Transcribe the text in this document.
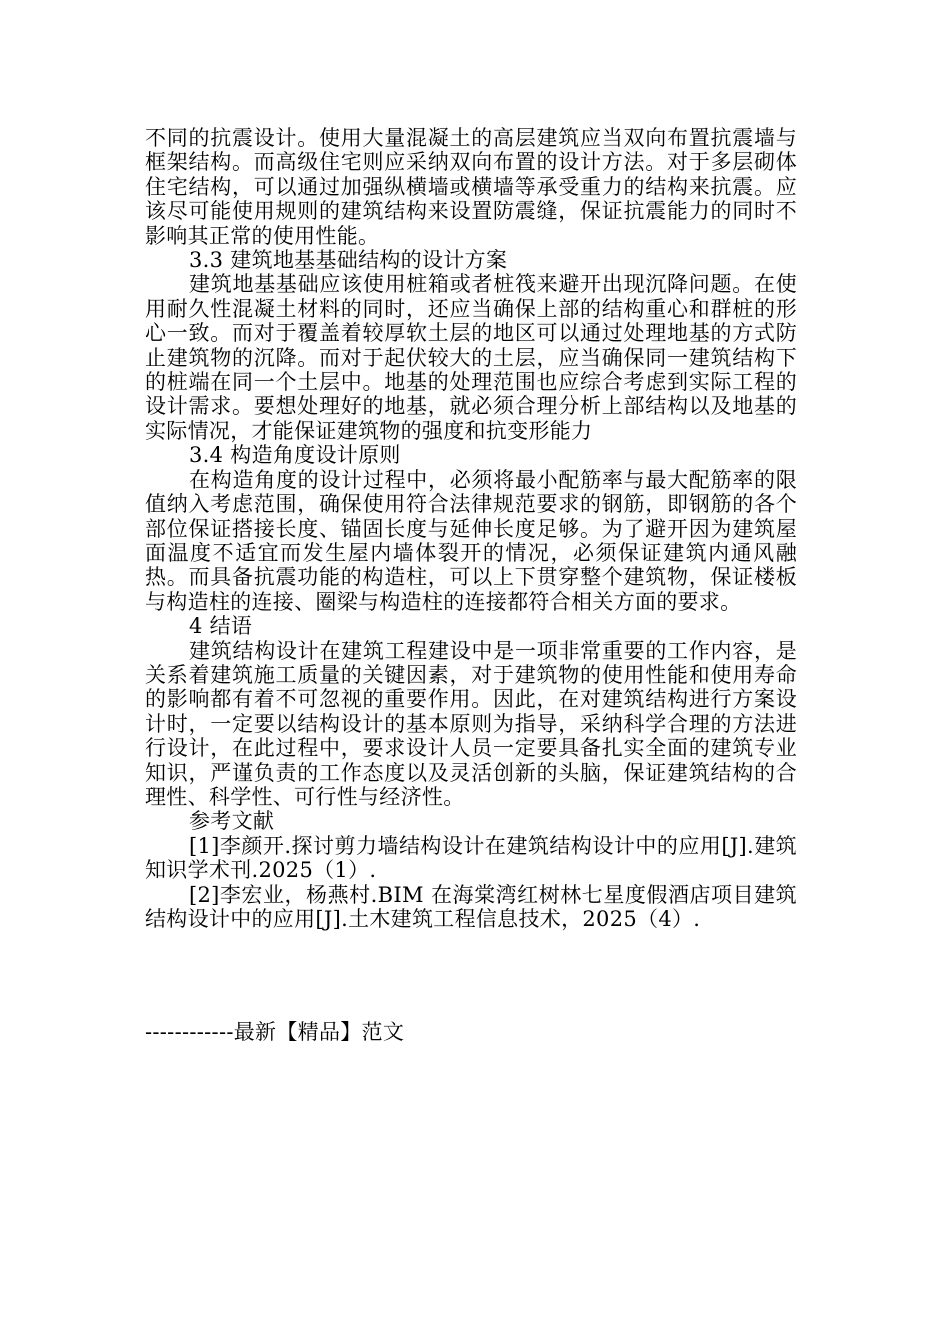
不同的抗震设计。使用大量混凝土的高层建筑应当双向布置抗震墙与框架结构。而高级住宅则应采纳双向布置的设计方法。对于多层砌体住宅结构，可以通过加强纵横墙或横墙等承受重力的结构来抗震。应该尽可能使用规则的建筑结构来设置防震缝，保证抗震能力的同时不影响其正常的使用性能。

3.3 建筑地基基础结构的设计方案

建筑地基基础应该使用桩箱或者桩筏来避开出现沉降问题。在使用耐久性混凝土材料的同时，还应当确保上部的结构重心和群桩的形心一致。而对于覆盖着较厚软土层的地区可以通过处理地基的方式防止建筑物的沉降。而对于起伏较大的土层，应当确保同一建筑结构下的桩端在同一个土层中。地基的处理范围也应综合考虑到实际工程的设计需求。要想处理好的地基，就必须合理分析上部结构以及地基的实际情况，才能保证建筑物的强度和抗变形能力

3.4 构造角度设计原则

在构造角度的设计过程中，必须将最小配筋率与最大配筋率的限值纳入考虑范围，确保使用符合法律规范要求的钢筋，即钢筋的各个部位保证搭接长度、锚固长度与延伸长度足够。为了避开因为建筑屋面温度不适宜而发生屋内墙体裂开的情况，必须保证建筑内通风融热。而具备抗震功能的构造柱，可以上下贯穿整个建筑物，保证楼板与构造柱的连接、圈梁与构造柱的连接都符合相关方面的要求。

4 结语

建筑结构设计在建筑工程建设中是一项非常重要的工作内容，是关系着建筑施工质量的关键因素，对于建筑物的使用性能和使用寿命的影响都有着不可忽视的重要作用。因此，在对建筑结构进行方案设计时，一定要以结构设计的基本原则为指导，采纳科学合理的方法进行设计，在此过程中，要求设计人员一定要具备扎实全面的建筑专业知识，严谨负责的工作态度以及灵活创新的头脑，保证建筑结构的合理性、科学性、可行性与经济性。

参考文献

[1]李颜开.探讨剪力墙结构设计在建筑结构设计中的应用[J].建筑知识学术刊.2025（1）.

[2]李宏业，杨燕村.BIM 在海棠湾红树林七星度假酒店项目建筑结构设计中的应用[J].土木建筑工程信息技术，2025（4）.

------------最新【精品】范文
